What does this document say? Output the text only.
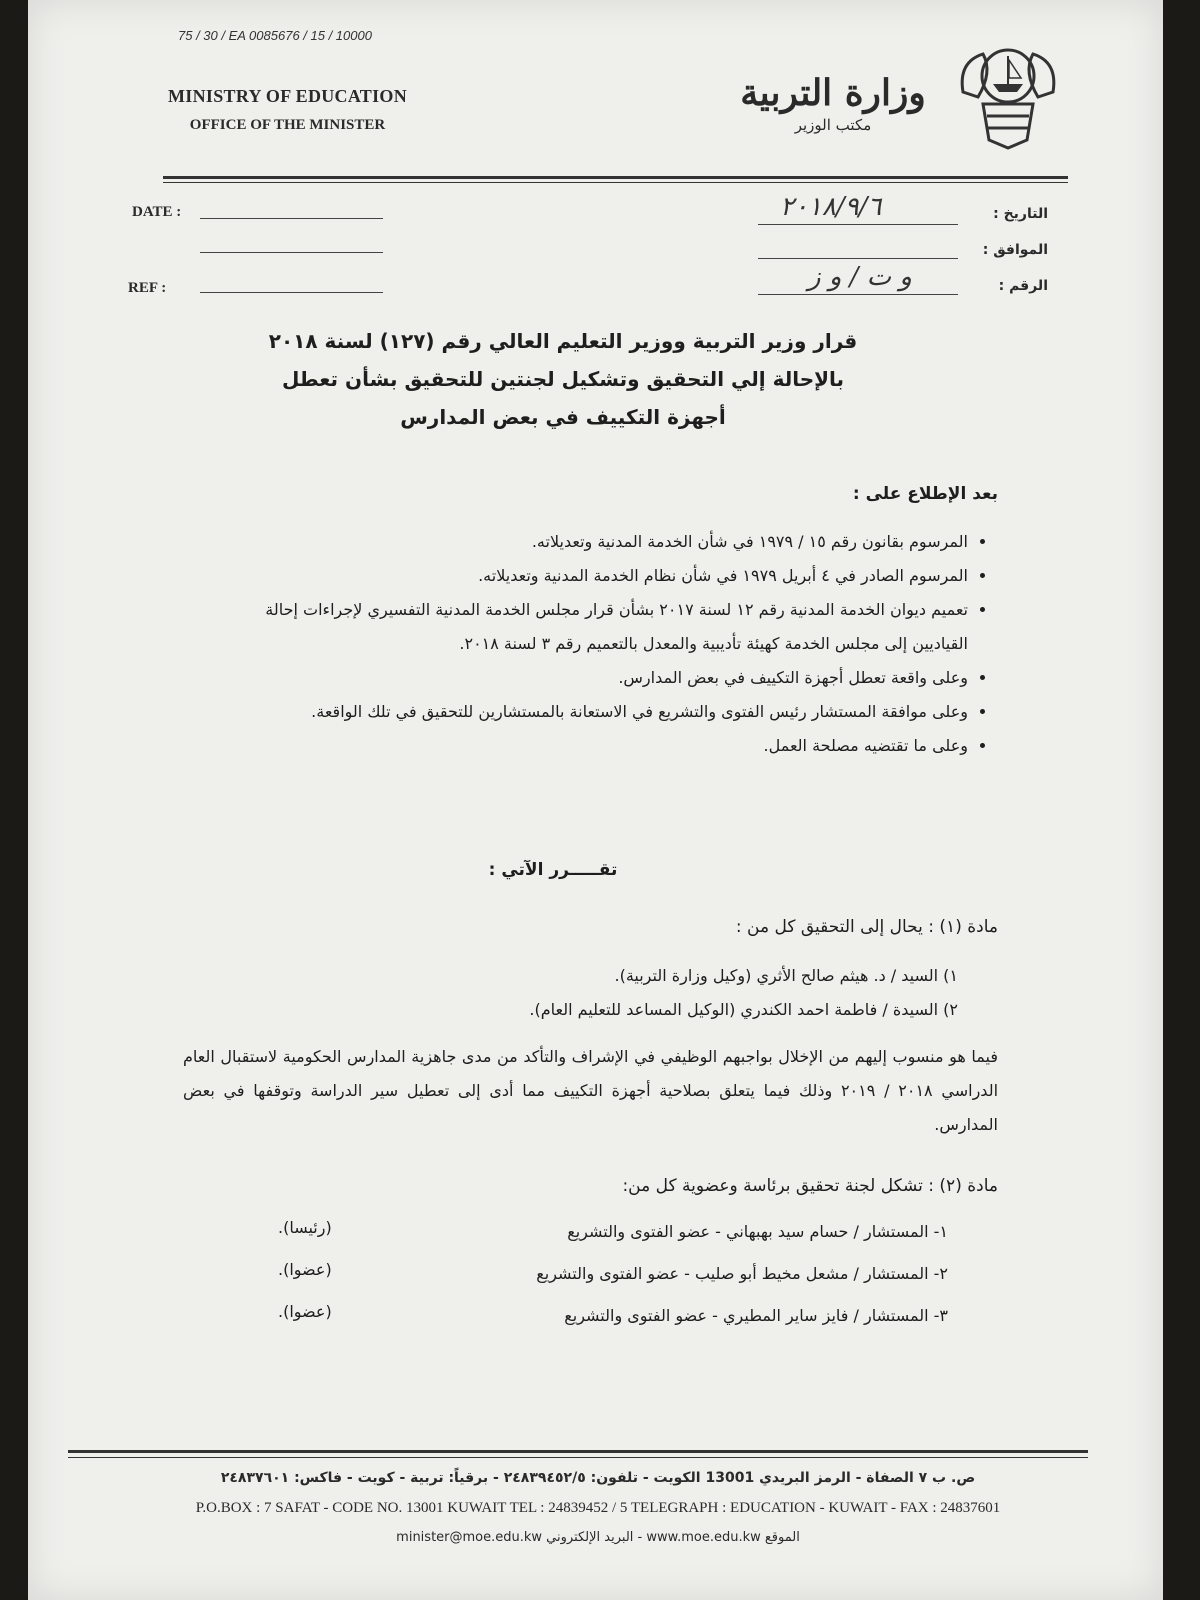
75 / 30 / EA 0085676 / 15 / 10000
MINISTRY OF EDUCATION
OFFICE OF THE MINISTER
وزارة التربية
مكتب الوزير
DATE :
REF :
التاريخ :
٢٠١٨/٩/٦
الموافق :
الرقم :
و ت / و ز
قرار وزير التربية ووزير التعليم العالي رقم (١٢٧) لسنة ٢٠١٨
بالإحالة إلي التحقيق وتشكيل لجنتين للتحقيق بشأن تعطل
أجهزة التكييف في بعض المدارس
بعد الإطلاع على :
• المرسوم بقانون رقم ١٥ / ١٩٧٩ في شأن الخدمة المدنية وتعديلاته.
• المرسوم الصادر في ٤ أبريل ١٩٧٩ في شأن نظام الخدمة المدنية وتعديلاته.
• تعميم ديوان الخدمة المدنية رقم ١٢ لسنة ٢٠١٧ بشأن قرار مجلس الخدمة المدنية التفسيري لإجراءات إحالة القياديين إلى مجلس الخدمة كهيئة تأديبية والمعدل بالتعميم رقم ٣ لسنة ٢٠١٨.
• وعلى واقعة تعطل أجهزة التكييف في بعض المدارس.
• وعلى موافقة المستشار رئيس الفتوى والتشريع في الاستعانة بالمستشارين للتحقيق في تلك الواقعة.
• وعلى ما تقتضيه مصلحة العمل.
تقـــــرر الآتي :
مادة (١) : يحال إلى التحقيق كل من :
١) السيد / د. هيثم صالح الأثري (وكيل وزارة التربية).
٢) السيدة / فاطمة احمد الكندري (الوكيل المساعد للتعليم العام).
فيما هو منسوب إليهم من الإخلال بواجبهم الوظيفي في الإشراف والتأكد من مدى جاهزية المدارس الحكومية لاستقبال العام الدراسي ٢٠١٨ / ٢٠١٩ وذلك فيما يتعلق بصلاحية أجهزة التكييف مما أدى إلى تعطيل سير الدراسة وتوقفها في بعض المدارس.
مادة (٢) : تشكل لجنة تحقيق برئاسة وعضوية كل من:
١- المستشار / حسام سيد بهبهاني - عضو الفتوى والتشريع
(رئيسا).
٢- المستشار / مشعل مخيط أبو صليب - عضو الفتوى والتشريع
(عضوا).
٣- المستشار / فايز ساير المطيري - عضو الفتوى والتشريع
(عضوا).
ص. ب ٧ الصفاة - الرمز البريدي 13001 الكويت - تلفون: ٢٤٨٣٩٤٥٢/٥ - برقياً: تربية - كويت - فاكس: ٢٤٨٣٧٦٠١
P.O.BOX : 7 SAFAT - CODE NO. 13001 KUWAIT TEL : 24839452 / 5 TELEGRAPH : EDUCATION - KUWAIT - FAX : 24837601
الموقع www.moe.edu.kw - البريد الإلكتروني minister@moe.edu.kw
